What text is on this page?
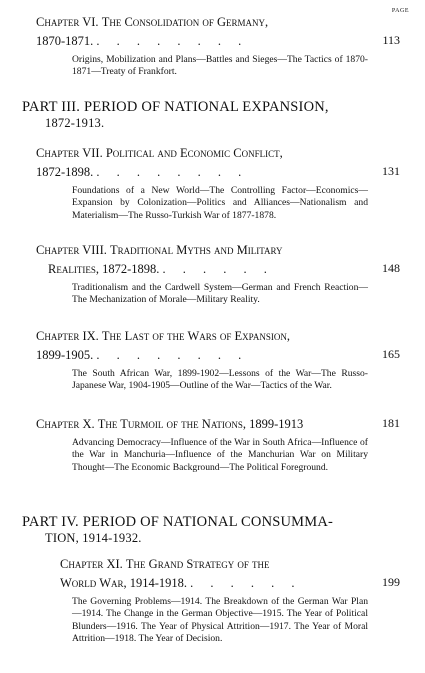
PAGE
Chapter VI. The Consolidation of Germany,
1870-1871. . . . . . . . .	113
Origins, Mobilization and Plans—Battles and Sieges—The Tactics of 1870-1871—Treaty of Frankfort.
PART III. PERIOD OF NATIONAL EXPANSION,
1872-1913.
Chapter VII. Political and Economic Conflict,
1872-1898. . . . . . . . .	131
Foundations of a New World—The Controlling Factor—Economics—Expansion by Colonization—Politics and Alliances—Nationalism and Materialism—The Russo-Turkish War of 1877-1878.
Chapter VIII. Traditional Myths and Military
Realities, 1872-1898. . . . . . .	148
Traditionalism and the Cardwell System—German and French Reaction—The Mechanization of Morale—Military Reality.
Chapter IX. The Last of the Wars of Expansion,
1899-1905. . . . . . . . .	165
The South African War, 1899-1902—Lessons of the War—The Russo-Japanese War, 1904-1905—Outline of the War—Tactics of the War.
Chapter X. The Turmoil of the Nations, 1899-1913	181
Advancing Democracy—Influence of the War in South Africa—Influence of the War in Manchuria—Influence of the Manchurian War on Military Thought—The Economic Background—The Political Foreground.
PART IV. PERIOD OF NATIONAL CONSUMMA-
TION, 1914-1932.
Chapter XI. The Grand Strategy of the
World War, 1914-1918. . . . . . .	199
The Governing Problems—1914. The Breakdown of the German War Plan—1914. The Change in the German Objective—1915. The Year of Political Blunders—1916. The Year of Physical Attrition—1917. The Year of Moral Attrition—1918. The Year of Decision.
